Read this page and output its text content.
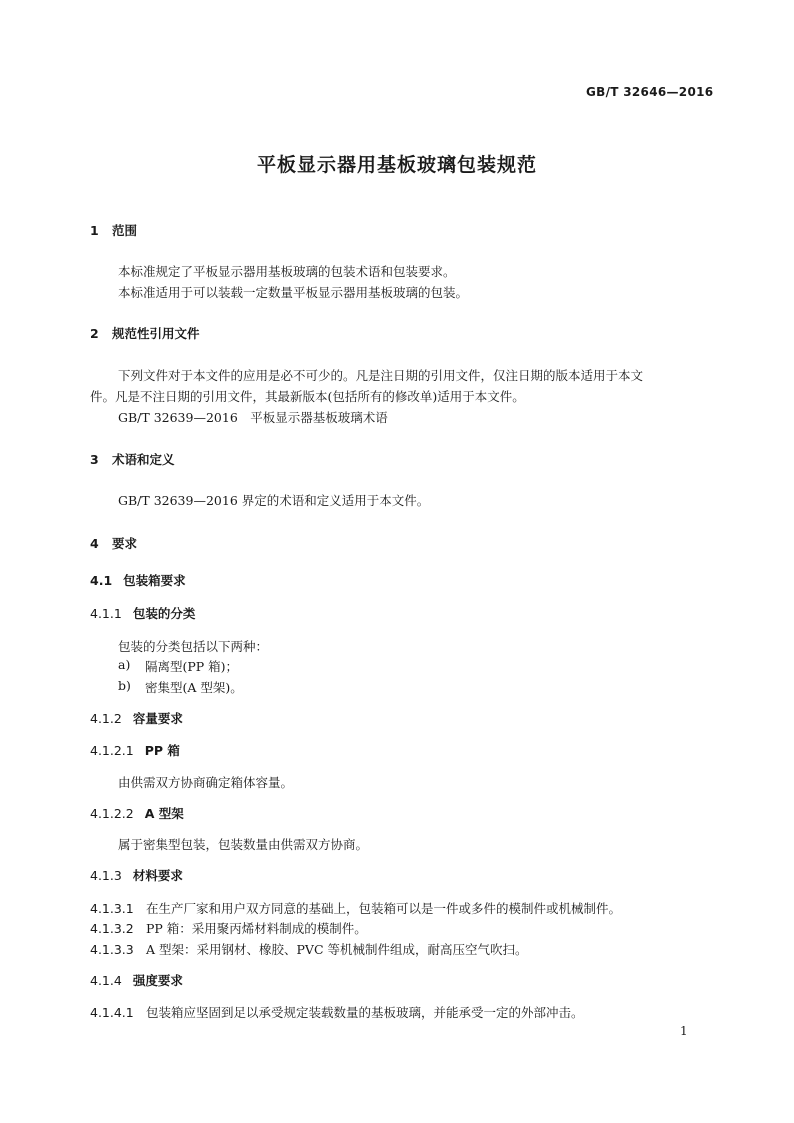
GB/T 32646—2016
平板显示器用基板玻璃包装规范
1 范围
本标准规定了平板显示器用基板玻璃的包装术语和包装要求。
本标准适用于可以装载一定数量平板显示器用基板玻璃的包装。
2 规范性引用文件
下列文件对于本文件的应用是必不可少的。凡是注日期的引用文件，仅注日期的版本适用于本文
件。凡是不注日期的引用文件，其最新版本(包括所有的修改单)适用于本文件。
GB/T 32639—2016　平板显示器基板玻璃术语
3 术语和定义
GB/T 32639—2016 界定的术语和定义适用于本文件。
4 要求
4.1 包装箱要求
4.1.1 包装的分类
包装的分类包括以下两种：
a) 隔离型(PP 箱)；
b) 密集型(A 型架)。
4.1.2 容量要求
4.1.2.1 PP 箱
由供需双方协商确定箱体容量。
4.1.2.2 A 型架
属于密集型包装，包装数量由供需双方协商。
4.1.3 材料要求
4.1.3.1 在生产厂家和用户双方同意的基础上，包装箱可以是一件或多件的模制件或机械制件。
4.1.3.2 PP 箱：采用聚丙烯材料制成的模制件。
4.1.3.3 A 型架：采用钢材、橡胶、PVC 等机械制件组成，耐高压空气吹扫。
4.1.4 强度要求
4.1.4.1 包装箱应坚固到足以承受规定装载数量的基板玻璃，并能承受一定的外部冲击。
1
